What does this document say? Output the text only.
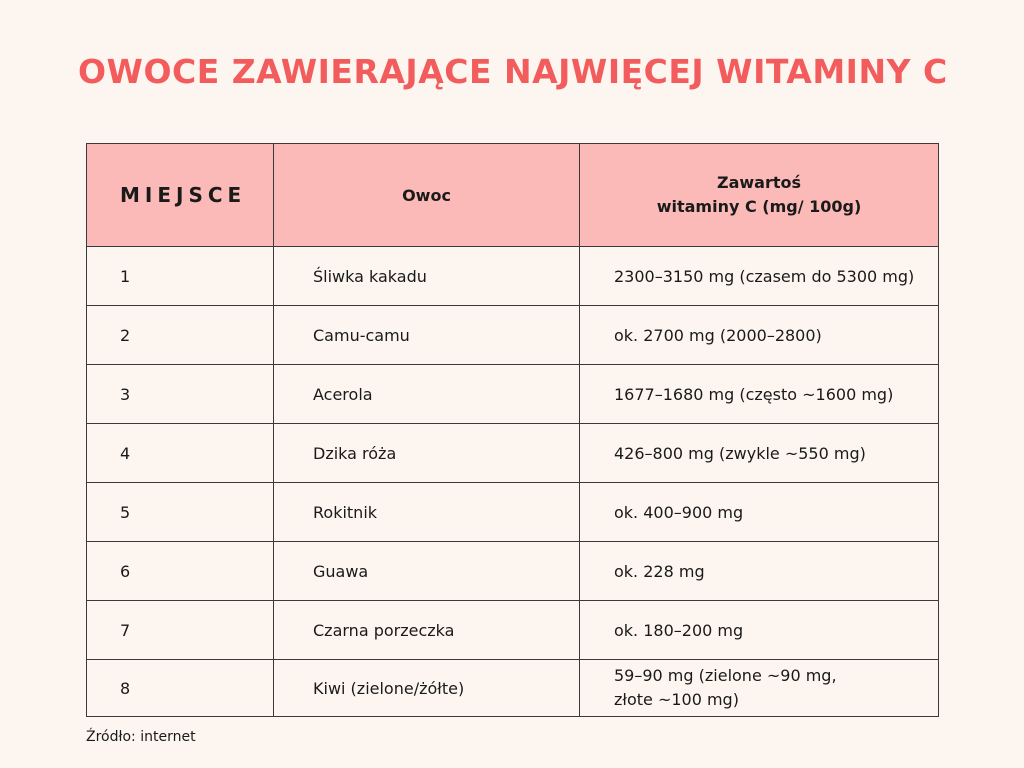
OWOCE ZAWIERAJĄCE NAJWIĘCEJ WITAMINY C
MIEJSCE	Owoc	Zawartoś
witaminy C (mg/ 100g)

1	Śliwka kakadu	2300–3150 mg (czasem do 5300 mg)
2	Camu-camu	ok. 2700 mg (2000–2800)
3	Acerola	1677–1680 mg (często ~1600 mg)
4	Dzika róża	426–800 mg (zwykle ~550 mg)
5	Rokitnik	ok. 400–900 mg
6	Guawa	ok. 228 mg
7	Czarna porzeczka	ok. 180–200 mg
8	Kiwi (zielone/żółte)	59–90 mg (zielone ~90 mg,
złote ~100 mg)

Źródło: internet
